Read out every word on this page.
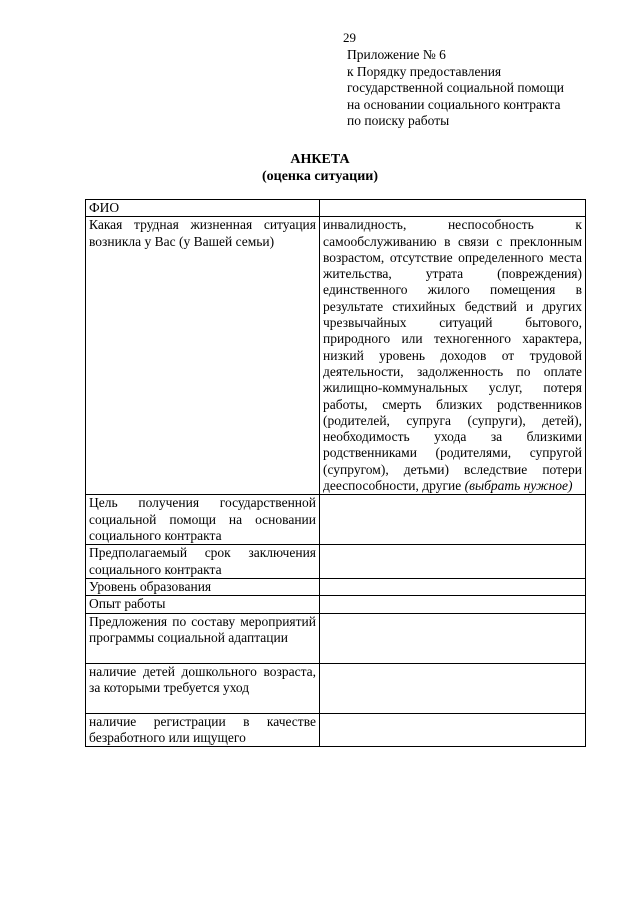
29
Приложение № 6
к Порядку предоставления
государственной социальной помощи
на основании социального контракта
по поиску работы
АНКЕТА
(оценка ситуации)
ФИО	
Какая трудная жизненная ситуация возникла у Вас (у Вашей семьи)	инвалидность, неспособность к самообслуживанию в связи с преклонным возрастом, отсутствие определенного места жительства, утрата (повреждения) единственного жилого помещения в результате стихийных бедствий и других чрезвычайных ситуаций бытового, природного или техногенного характера, низкий уровень доходов от трудовой деятельности, задолженность по оплате жилищно-коммунальных услуг, потеря работы, смерть близких родственников (родителей, супруга (супруги), детей), необходимость ухода за близкими родственниками (родителями, супругой (супругом), детьми) вследствие потери дееспособности, другие (выбрать нужное)
Цель получения государственной социальной помощи на основании социального контракта	
Предполагаемый срок заключения социального контракта	
Уровень образования	
Опыт работы	
Предложения по составу мероприятий программы социальной адаптации	
наличие детей дошкольного возраста, за которыми требуется уход	
наличие регистрации в качестве безработного или ищущего	
